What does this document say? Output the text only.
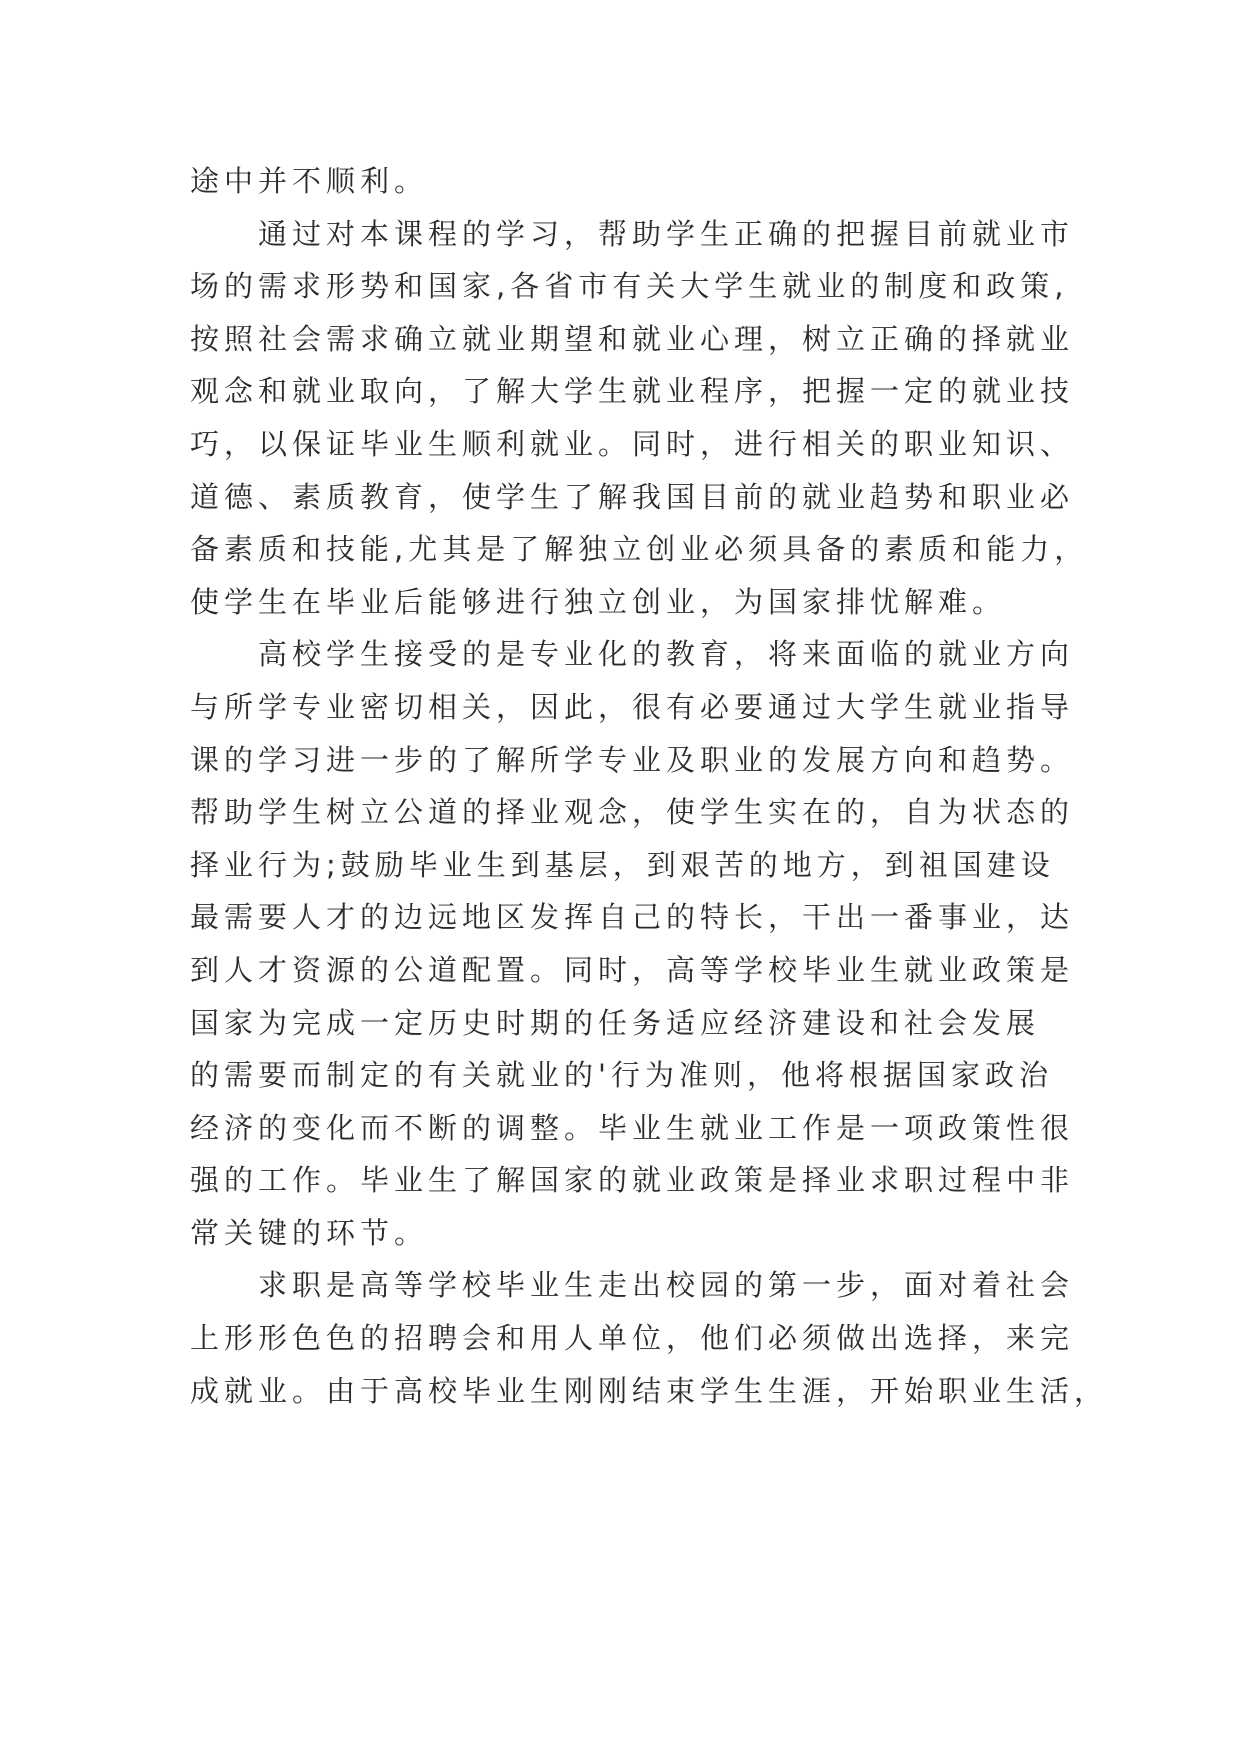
途中并不顺利。
通过对本课程的学习，帮助学生正确的把握目前就业市
场的需求形势和国家,各省市有关大学生就业的制度和政策,
按照社会需求确立就业期望和就业心理，树立正确的择就业
观念和就业取向，了解大学生就业程序，把握一定的就业技
巧，以保证毕业生顺利就业。同时，进行相关的职业知识、
道德、素质教育，使学生了解我国目前的就业趋势和职业必
备素质和技能,尤其是了解独立创业必须具备的素质和能力，
使学生在毕业后能够进行独立创业，为国家排忧解难。
高校学生接受的是专业化的教育，将来面临的就业方向
与所学专业密切相关，因此，很有必要通过大学生就业指导
课的学习进一步的了解所学专业及职业的发展方向和趋势。
帮助学生树立公道的择业观念，使学生实在的，自为状态的
择业行为;鼓励毕业生到基层，到艰苦的地方，到祖国建设
最需要人才的边远地区发挥自己的特长，干出一番事业，达
到人才资源的公道配置。同时，高等学校毕业生就业政策是
国家为完成一定历史时期的任务适应经济建设和社会发展
的需要而制定的有关就业的'行为准则，他将根据国家政治
经济的变化而不断的调整。毕业生就业工作是一项政策性很
强的工作。毕业生了解国家的就业政策是择业求职过程中非
常关键的环节。
求职是高等学校毕业生走出校园的第一步，面对着社会
上形形色色的招聘会和用人单位，他们必须做出选择，来完
成就业。由于高校毕业生刚刚结束学生生涯，开始职业生活，
